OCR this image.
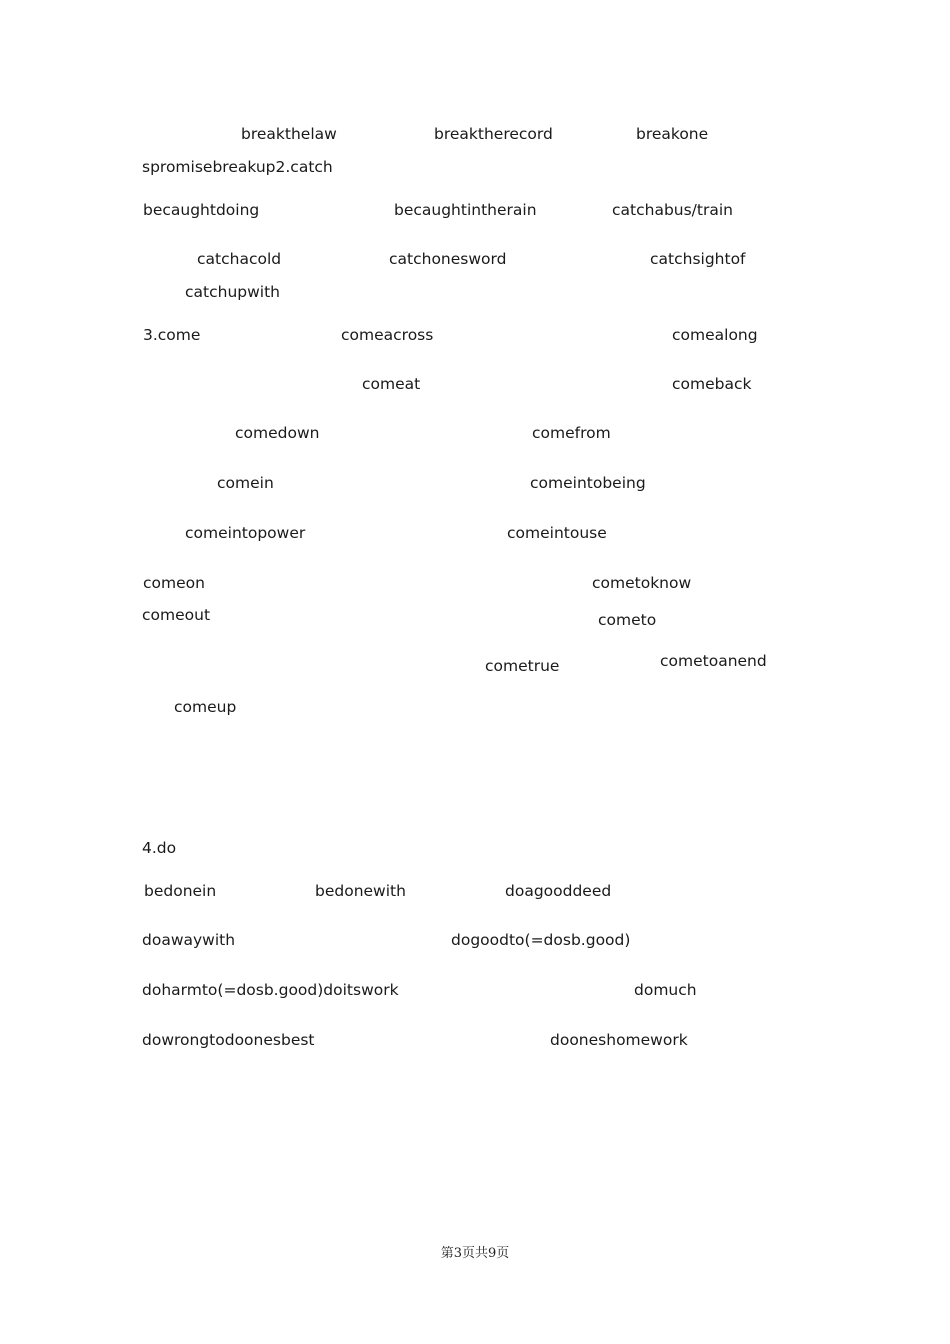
breakthelaw	breaktherecord	breakone
spromisebreakup2.catch
becaughtdoing	becaughtintherain	catchabus/train
catchacold	catchonesword	catchsightof
catchupwith
3.come	comeacross	comealong
comeat	comeback
comedown	comefrom
comein	comeintobeing
comeintopower	comeintouse
comeon	cometoknow
comeout	cometo
cometrue	cometoanend
comeup
4.do
bedonein	bedonewith	doagooddeed
doawaywith	dogoodto(=dosb.good)
doharmto(=dosb.good)doitswork	domuch
dowrongtodoonesbest	dooneshomework
第3页共9页
